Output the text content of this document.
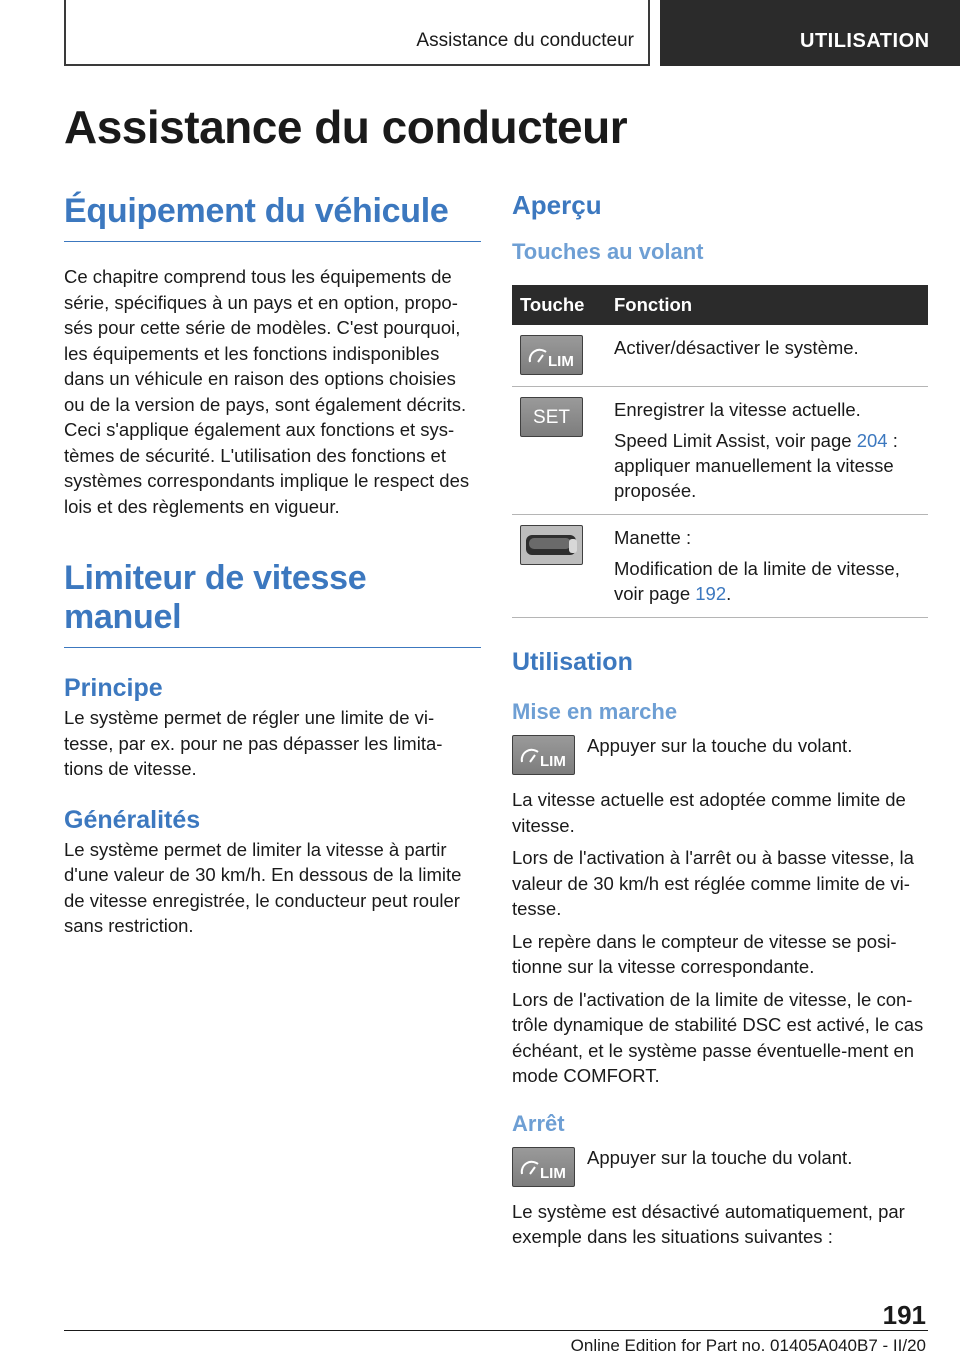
Assistance du conducteur	UTILISATION
Assistance du conducteur
Équipement du véhicule

Ce chapitre comprend tous les équipements de série, spécifiques à un pays et en option, propo-sés pour cette série de modèles. C'est pourquoi, les équipements et les fonctions indisponibles dans un véhicule en raison des options choisies ou de la version de pays, sont également décrits. Ceci s'applique également aux fonctions et sys-tèmes de sécurité. L'utilisation des fonctions et systèmes correspondants implique le respect des lois et des règlements en vigueur.

Limiteur de vitesse manuel
Principe

Le système permet de régler une limite de vi-tesse, par ex. pour ne pas dépasser les limita-tions de vitesse.

Généralités

Le système permet de limiter la vitesse à partir d'une valeur de 30 km/h. En dessous de la limite de vitesse enregistrée, le conducteur peut rouler sans restriction.

Aperçu
Touches au volant
Touche	Fonction

LIM	Activer/désactiver le système.

SET	Enregistrer la vitesse actuelle.
Speed Limit Assist, voir page 204 : appliquer manuellement la vitesse proposée.

Manette :
Modification de la limite de vitesse, voir page 192.
Utilisation
Mise en marche
LIM

Appuyer sur la touche du volant.

La vitesse actuelle est adoptée comme limite de vitesse.

Lors de l'activation à l'arrêt ou à basse vitesse, la valeur de 30 km/h est réglée comme limite de vi-tesse.

Le repère dans le compteur de vitesse se posi-tionne sur la vitesse correspondante.

Lors de l'activation de la limite de vitesse, le con-trôle dynamique de stabilité DSC est activé, le cas échéant, et le système passe éventuelle-ment en mode COMFORT.

Arrêt
LIM

Appuyer sur la touche du volant.

Le système est désactivé automatiquement, par exemple dans les situations suivantes :

191
Online Edition for Part no. 01405A040B7 - II/20
